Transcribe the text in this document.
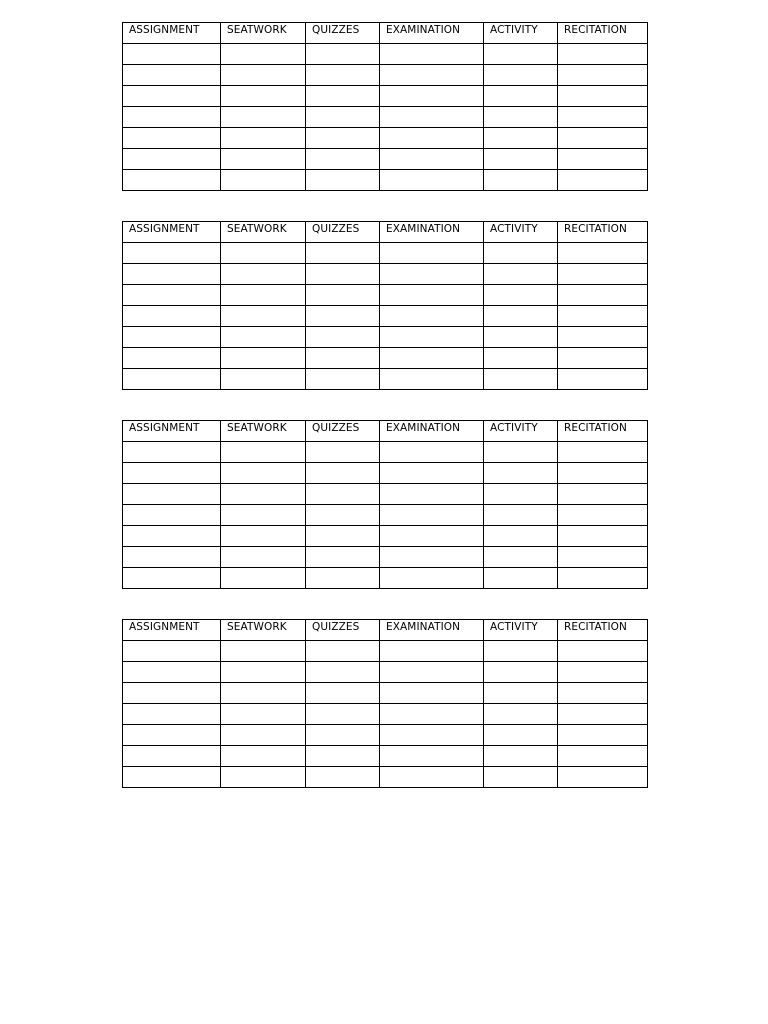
ASSIGNMENT	SEATWORK	QUIZZES	EXAMINATION	ACTIVITY	RECITATION

ASSIGNMENT	SEATWORK	QUIZZES	EXAMINATION	ACTIVITY	RECITATION

ASSIGNMENT	SEATWORK	QUIZZES	EXAMINATION	ACTIVITY	RECITATION

ASSIGNMENT	SEATWORK	QUIZZES	EXAMINATION	ACTIVITY	RECITATION
